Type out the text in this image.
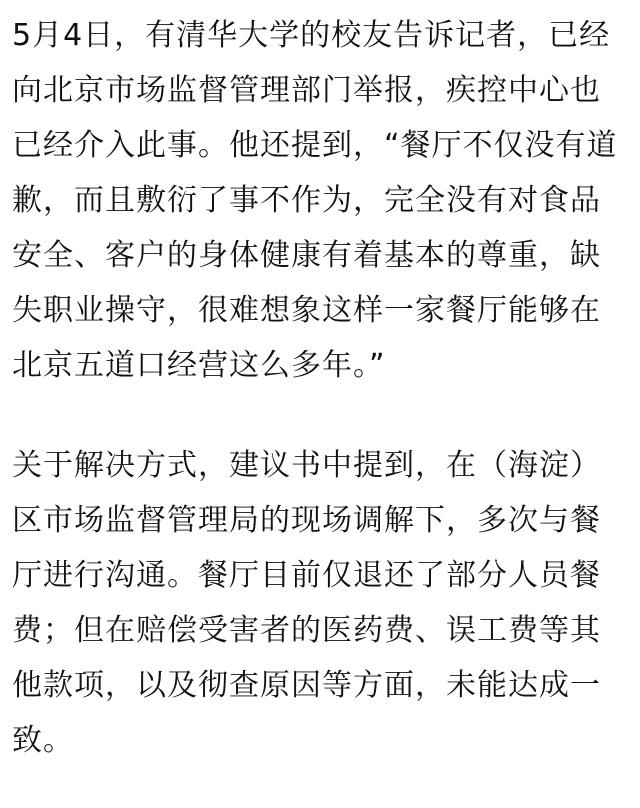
5月4日，有清华大学的校友告诉记者，已经
向北京市场监督管理部门举报，疾控中心也
已经介入此事。他还提到，“餐厅不仅没有道
歉，而且敷衍了事不作为，完全没有对食品
安全、客户的身体健康有着基本的尊重，缺
失职业操守，很难想象这样一家餐厅能够在
北京五道口经营这么多年。”
关于解决方式，建议书中提到，在（海淀）
区市场监督管理局的现场调解下，多次与餐
厅进行沟通。餐厅目前仅退还了部分人员餐
费；但在赔偿受害者的医药费、误工费等其
他款项，以及彻查原因等方面，未能达成一
致。
